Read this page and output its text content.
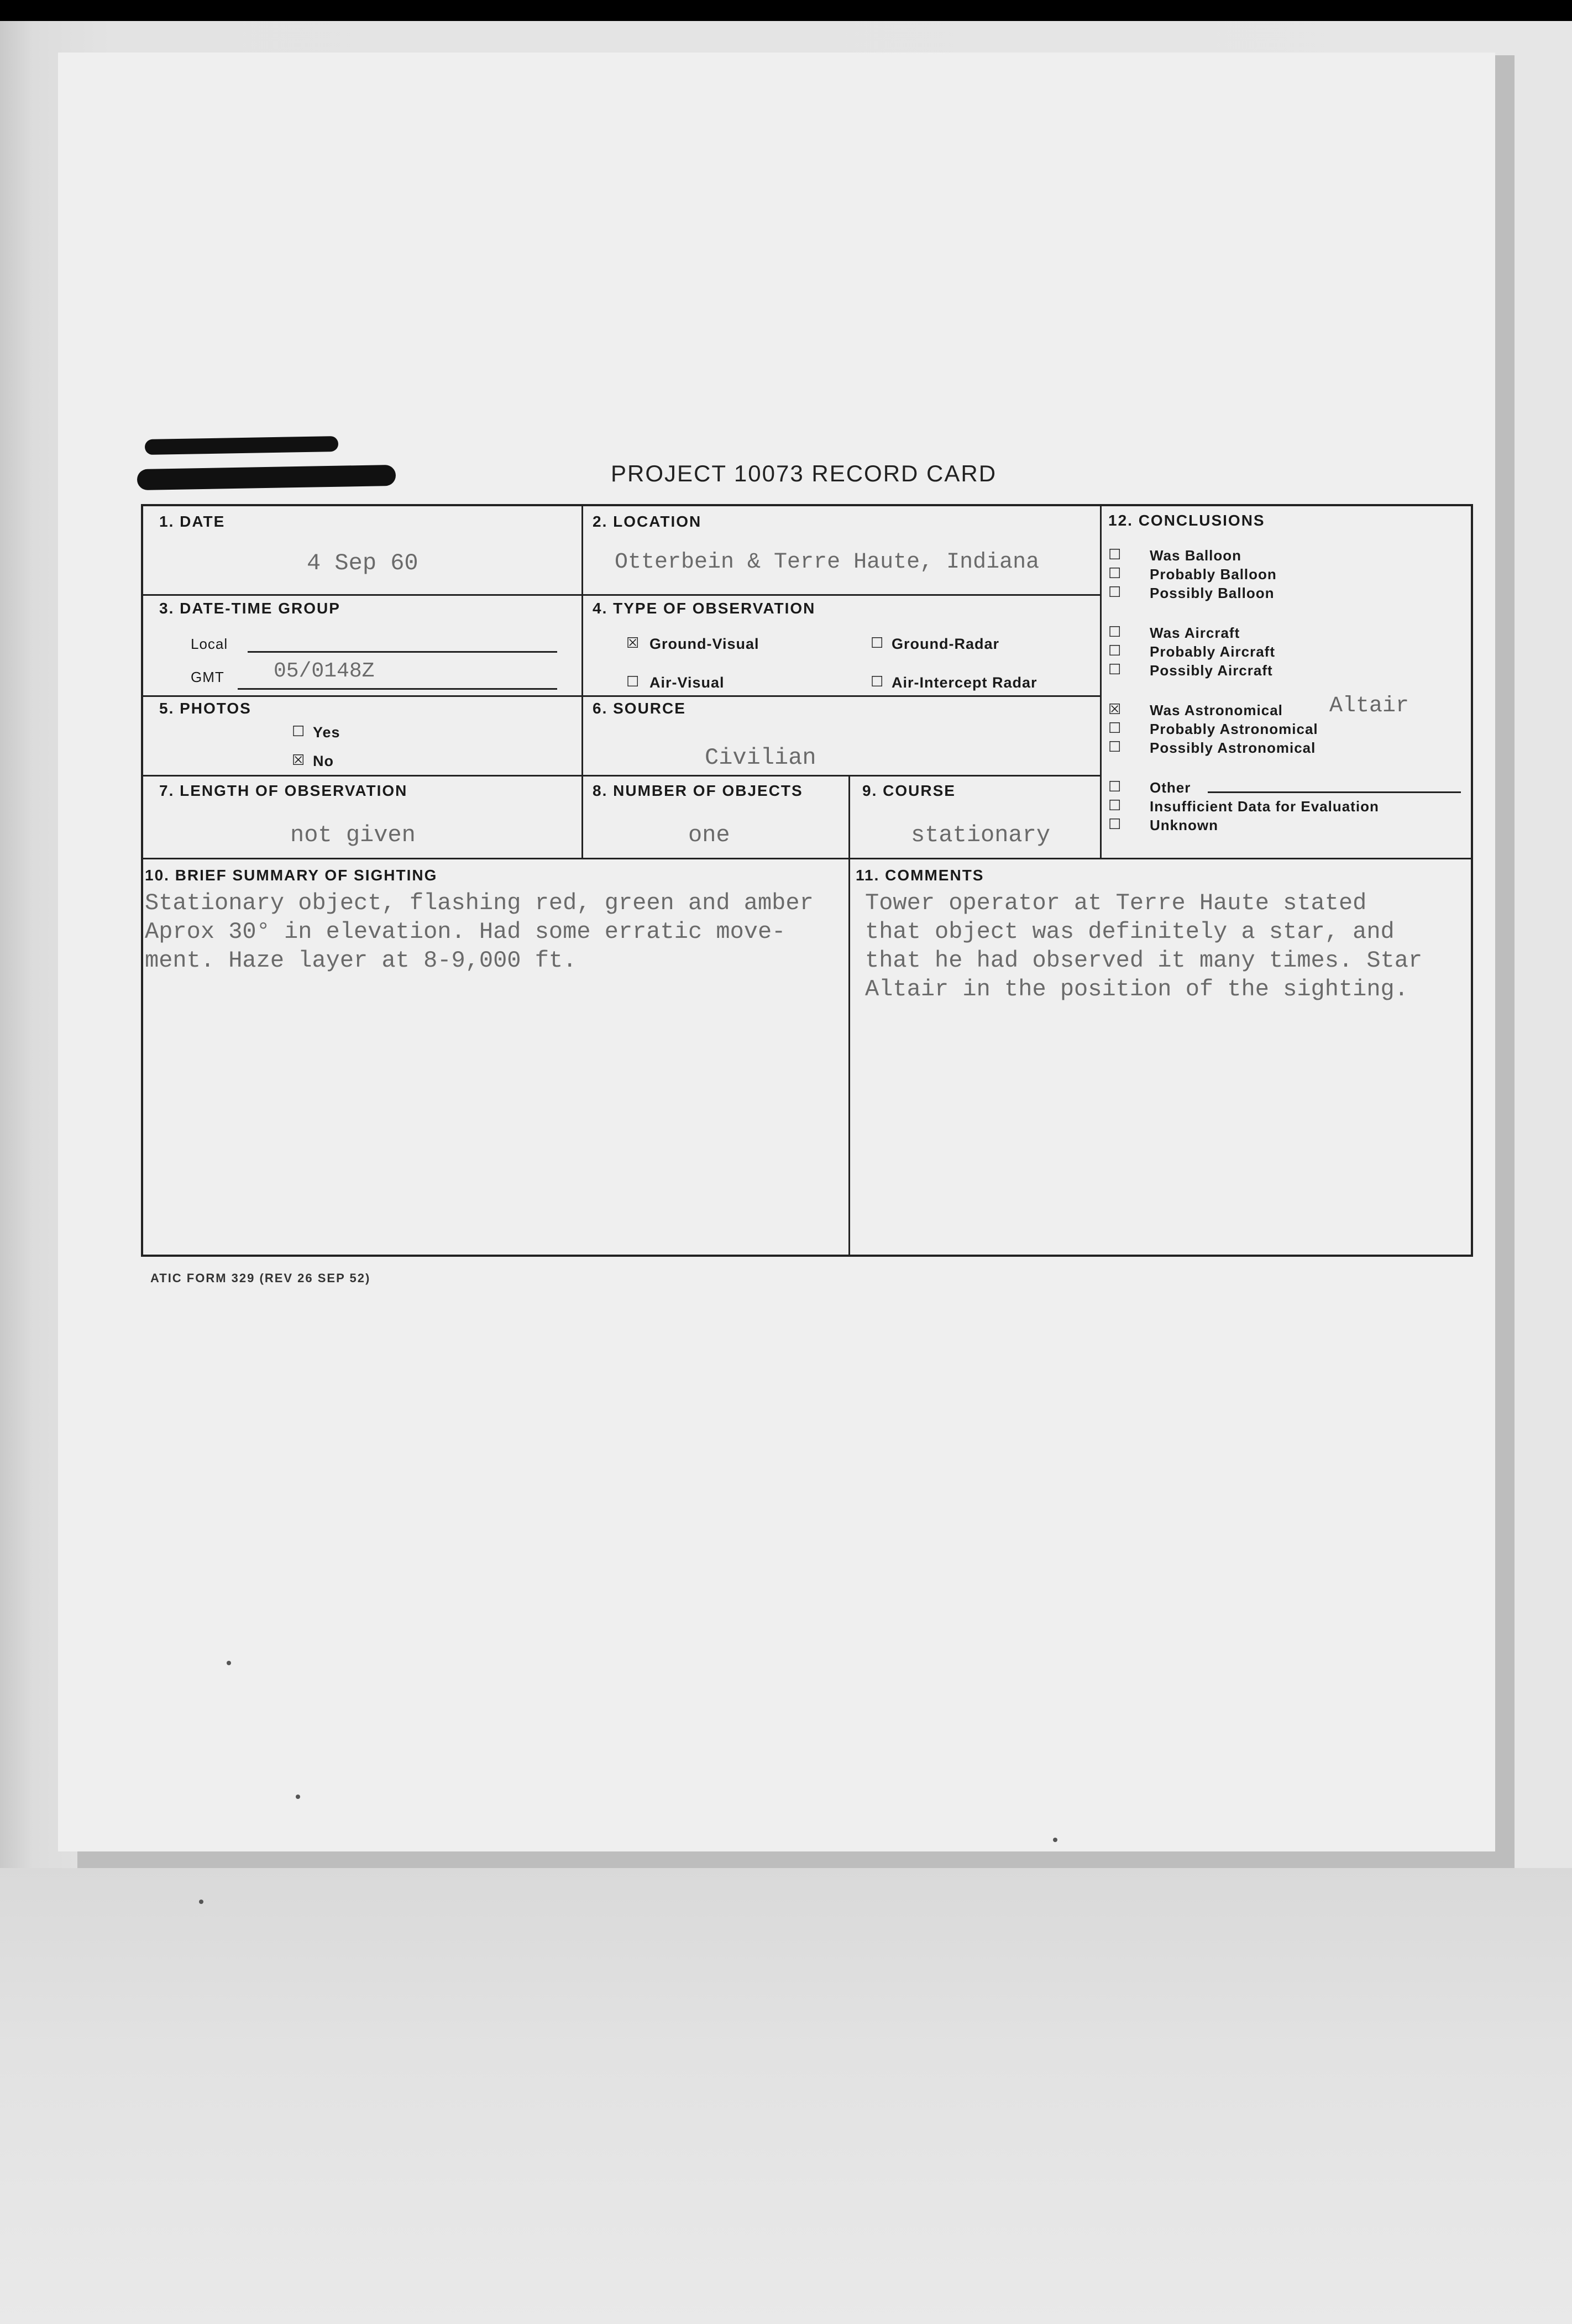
PROJECT 10073 RECORD CARD
1. DATE
4 Sep 60
2. LOCATION
Otterbein & Terre Haute, Indiana
3. DATE-TIME GROUP
Local
GMT 05/0148Z
4. TYPE OF OBSERVATION
☒ Ground-Visual	☐ Ground-Radar
☐ Air-Visual	☐ Air-Intercept Radar
5. PHOTOS
☐ Yes
☒ No
6. SOURCE
Civilian
7. LENGTH OF OBSERVATION
not given
8. NUMBER OF OBJECTS
one
9. COURSE
stationary
12. CONCLUSIONS
☐ Was Balloon
☐ Probably Balloon
☐ Possibly Balloon
☐ Was Aircraft
☐ Probably Aircraft
☐ Possibly Aircraft
☒ Was Astronomical
☐ Probably Astronomical
☐ Possibly Astronomical
☐ Other
☐ Insufficient Data for Evaluation
☐ Unknown
Altair
10. BRIEF SUMMARY OF SIGHTING
Stationary object, flashing red, green and amber
Aprox 30° in elevation. Had some erratic move-
ment. Haze layer at 8-9,000 ft.
11. COMMENTS
Tower operator at Terre Haute stated
that object was definitely a star, and
that he had observed it many times. Star
Altair in the position of the sighting.
ATIC FORM 329 (REV 26 SEP 52)
